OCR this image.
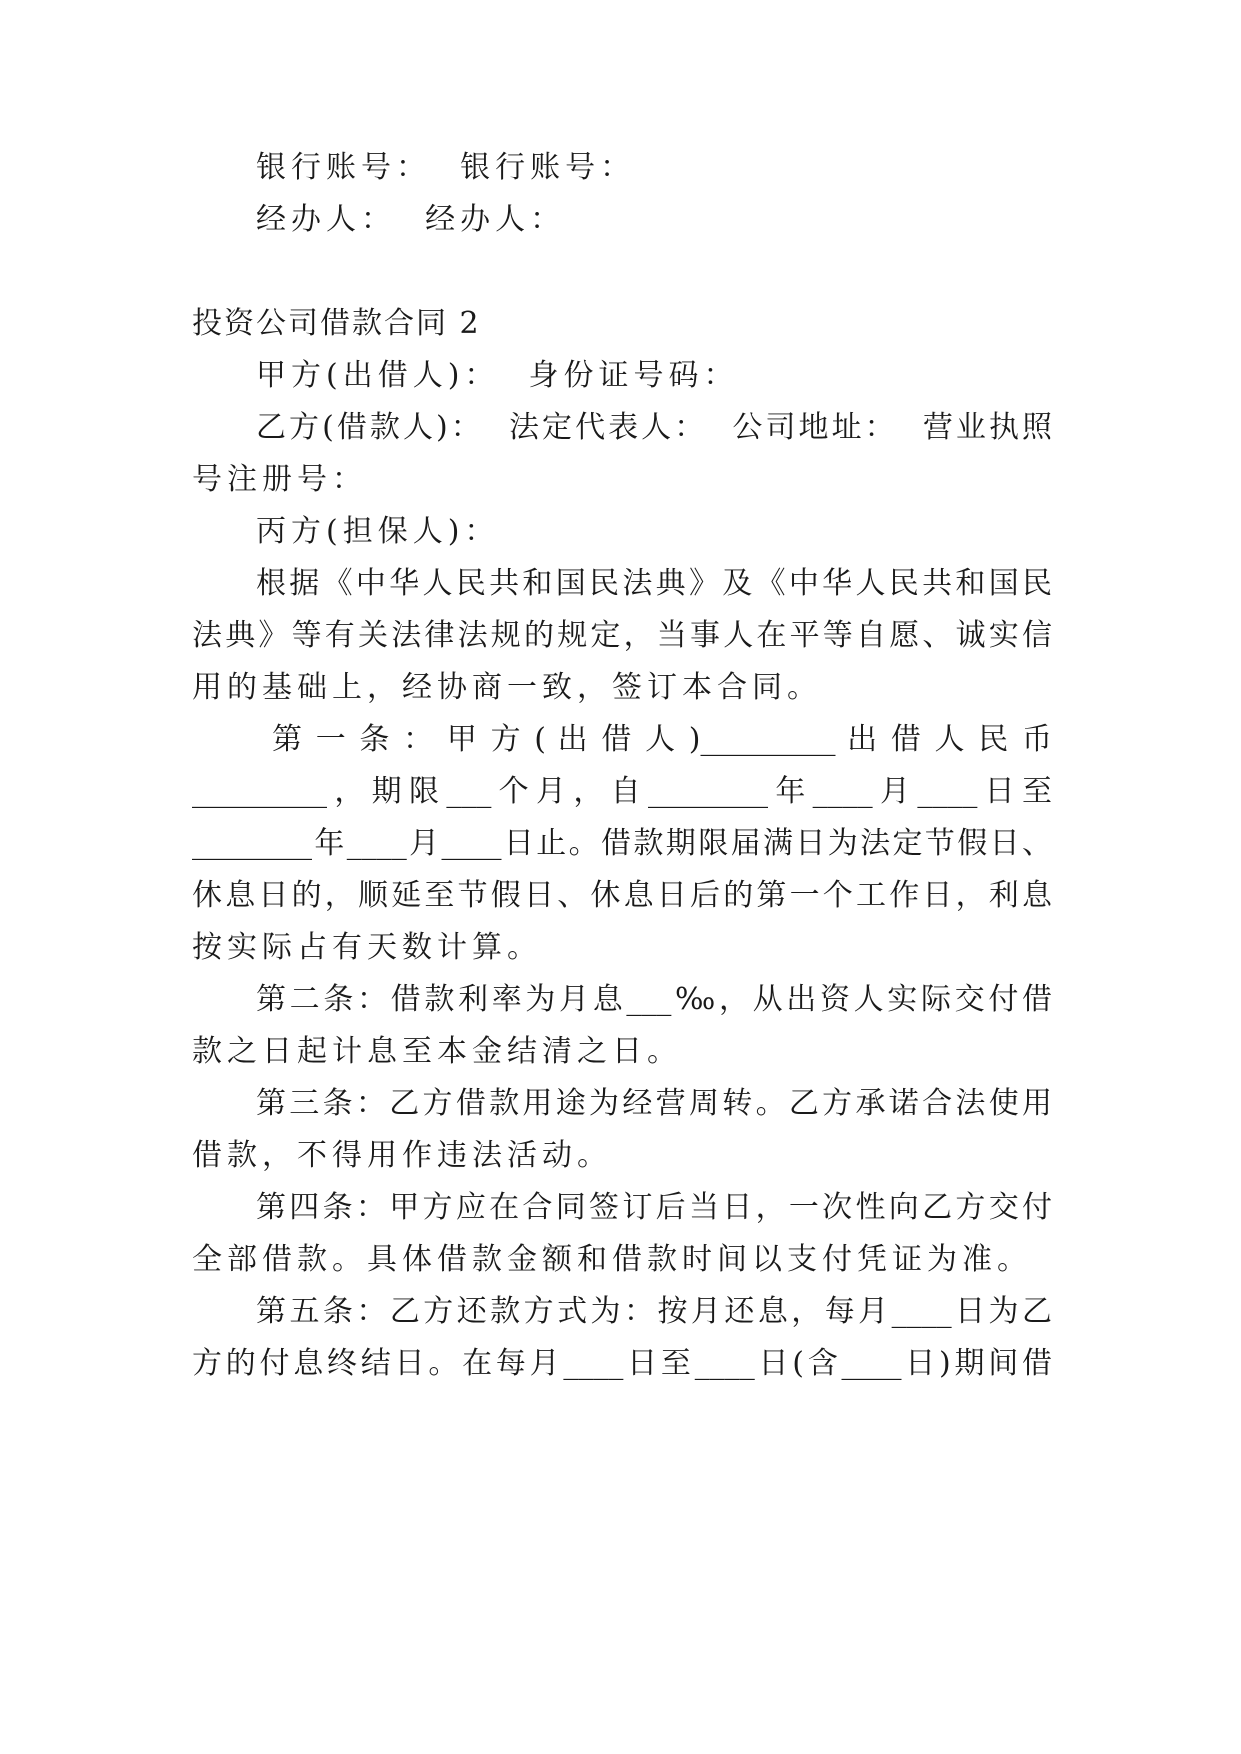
银行账号：  银行账号：
经办人：  经办人：
投资公司借款合同 2
甲方(出借人)：  身份证号码：
乙方(借款人)：  法定代表人：  公司地址：  营业执照
号注册号：
丙方(担保人)：
根据《中华人民共和国民法典》及《中华人民共和国民
法典》等有关法律法规的规定，当事人在平等自愿、诚实信
用的基础上，经协商一致，签订本合同。
第 一 条 ： 甲 方 ( 出 借 人 )_________ 出 借 人 民 币
_________，期限___个月，自________年____月____日至
________年____月____日止。借款期限届满日为法定节假日、
休息日的，顺延至节假日、休息日后的第一个工作日，利息
按实际占有天数计算。
第二条：借款利率为月息___‰，从出资人实际交付借
款之日起计息至本金结清之日。
第三条：乙方借款用途为经营周转。乙方承诺合法使用
借款，不得用作违法活动。
第四条：甲方应在合同签订后当日，一次性向乙方交付
全部借款。具体借款金额和借款时间以支付凭证为准。
第五条：乙方还款方式为：按月还息，每月____日为乙
方的付息终结日。在每月____日至____日(含____日)期间借
